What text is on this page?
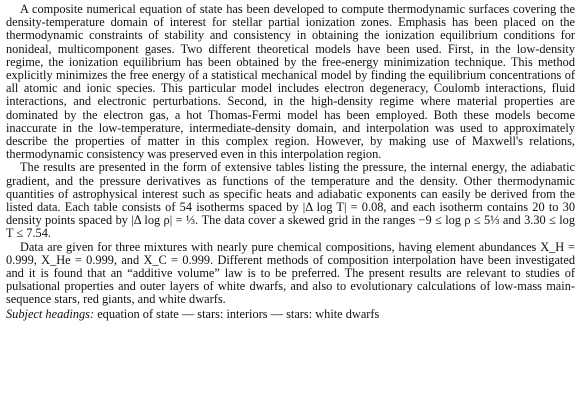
A composite numerical equation of state has been developed to compute thermodynamic surfaces covering the density-temperature domain of interest for stellar partial ionization zones. Emphasis has been placed on the thermodynamic constraints of stability and consistency in obtaining the ionization equilibrium conditions for nonideal, multicomponent gases. Two different theoretical models have been used. First, in the low-density regime, the ionization equilibrium has been obtained by the free-energy minimization technique. This method explicitly minimizes the free energy of a statistical mechanical model by finding the equilibrium concentrations of all atomic and ionic species. This particular model includes electron degeneracy, Coulomb interactions, fluid interactions, and electronic perturbations. Second, in the high-density regime where material properties are dominated by the electron gas, a hot Thomas-Fermi model has been employed. Both these models become inaccurate in the low-temperature, intermediate-density domain, and interpolation was used to approximately describe the properties of matter in this complex region. However, by making use of Maxwell's relations, thermodynamic consistency was preserved even in this interpolation region.

The results are presented in the form of extensive tables listing the pressure, the internal energy, the adiabatic gradient, and the pressure derivatives as functions of the temperature and the density. Other thermodynamic quantities of astrophysical interest such as specific heats and adiabatic exponents can easily be derived from the listed data. Each table consists of 54 isotherms spaced by |Δ log T| = 0.08, and each isotherm contains 20 to 30 density points spaced by |Δ log ρ| = ⅓. The data cover a skewed grid in the ranges −9 ≤ log ρ ≤ 5⅓ and 3.30 ≤ log T ≤ 7.54.

Data are given for three mixtures with nearly pure chemical compositions, having element abundances X_H = 0.999, X_He = 0.999, and X_C = 0.999. Different methods of composition interpolation have been investigated and it is found that an “additive volume” law is to be preferred. The present results are relevant to studies of pulsational properties and outer layers of white dwarfs, and also to evolutionary calculations of low-mass main-sequence stars, red giants, and white dwarfs.

Subject headings: equation of state — stars: interiors — stars: white dwarfs
